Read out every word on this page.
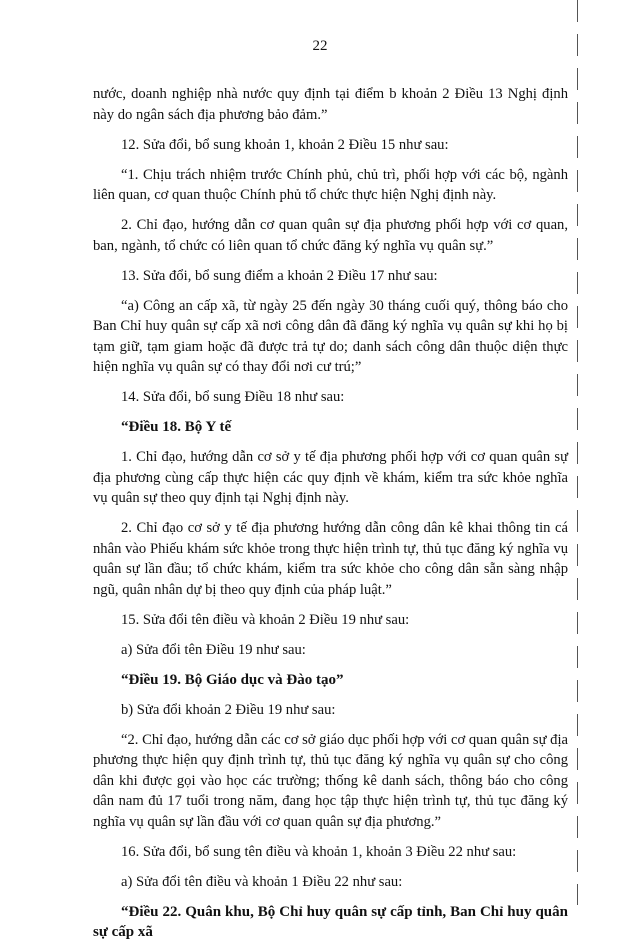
22

nước, doanh nghiệp nhà nước quy định tại điểm b khoản 2 Điều 13 Nghị định này do ngân sách địa phương bảo đảm.”

12. Sửa đổi, bổ sung khoản 1, khoản 2 Điều 15 như sau:

“1. Chịu trách nhiệm trước Chính phủ, chủ trì, phối hợp với các bộ, ngành liên quan, cơ quan thuộc Chính phủ tổ chức thực hiện Nghị định này.

2. Chỉ đạo, hướng dẫn cơ quan quân sự địa phương phối hợp với cơ quan, ban, ngành, tổ chức có liên quan tổ chức đăng ký nghĩa vụ quân sự.”

13. Sửa đổi, bổ sung điểm a khoản 2 Điều 17 như sau:

“a) Công an cấp xã, từ ngày 25 đến ngày 30 tháng cuối quý, thông báo cho Ban Chỉ huy quân sự cấp xã nơi công dân đã đăng ký nghĩa vụ quân sự khi họ bị tạm giữ, tạm giam hoặc đã được trả tự do; danh sách công dân thuộc diện thực hiện nghĩa vụ quân sự có thay đổi nơi cư trú;”

14. Sửa đổi, bổ sung Điều 18 như sau:

“Điều 18. Bộ Y tế

1. Chỉ đạo, hướng dẫn cơ sở y tế địa phương phối hợp với cơ quan quân sự địa phương cùng cấp thực hiện các quy định về khám, kiểm tra sức khỏe nghĩa vụ quân sự theo quy định tại Nghị định này.

2. Chỉ đạo cơ sở y tế địa phương hướng dẫn công dân kê khai thông tin cá nhân vào Phiếu khám sức khỏe trong thực hiện trình tự, thủ tục đăng ký nghĩa vụ quân sự lần đầu; tổ chức khám, kiểm tra sức khỏe cho công dân sẵn sàng nhập ngũ, quân nhân dự bị theo quy định của pháp luật.”

15. Sửa đổi tên điều và khoản 2 Điều 19 như sau:

a) Sửa đổi tên Điều 19 như sau:

“Điều 19. Bộ Giáo dục và Đào tạo”

b) Sửa đổi khoản 2 Điều 19 như sau:

“2. Chỉ đạo, hướng dẫn các cơ sở giáo dục phối hợp với cơ quan quân sự địa phương thực hiện quy định trình tự, thủ tục đăng ký nghĩa vụ quân sự cho công dân khi được gọi vào học các trường; thống kê danh sách, thông báo cho công dân nam đủ 17 tuổi trong năm, đang học tập thực hiện trình tự, thủ tục đăng ký nghĩa vụ quân sự lần đầu với cơ quan quân sự địa phương.”

16. Sửa đổi, bổ sung tên điều và khoản 1, khoản 3 Điều 22 như sau:

a) Sửa đổi tên điều và khoản 1 Điều 22 như sau:

“Điều 22. Quân khu, Bộ Chỉ huy quân sự cấp tỉnh, Ban Chỉ huy quân sự cấp xã
